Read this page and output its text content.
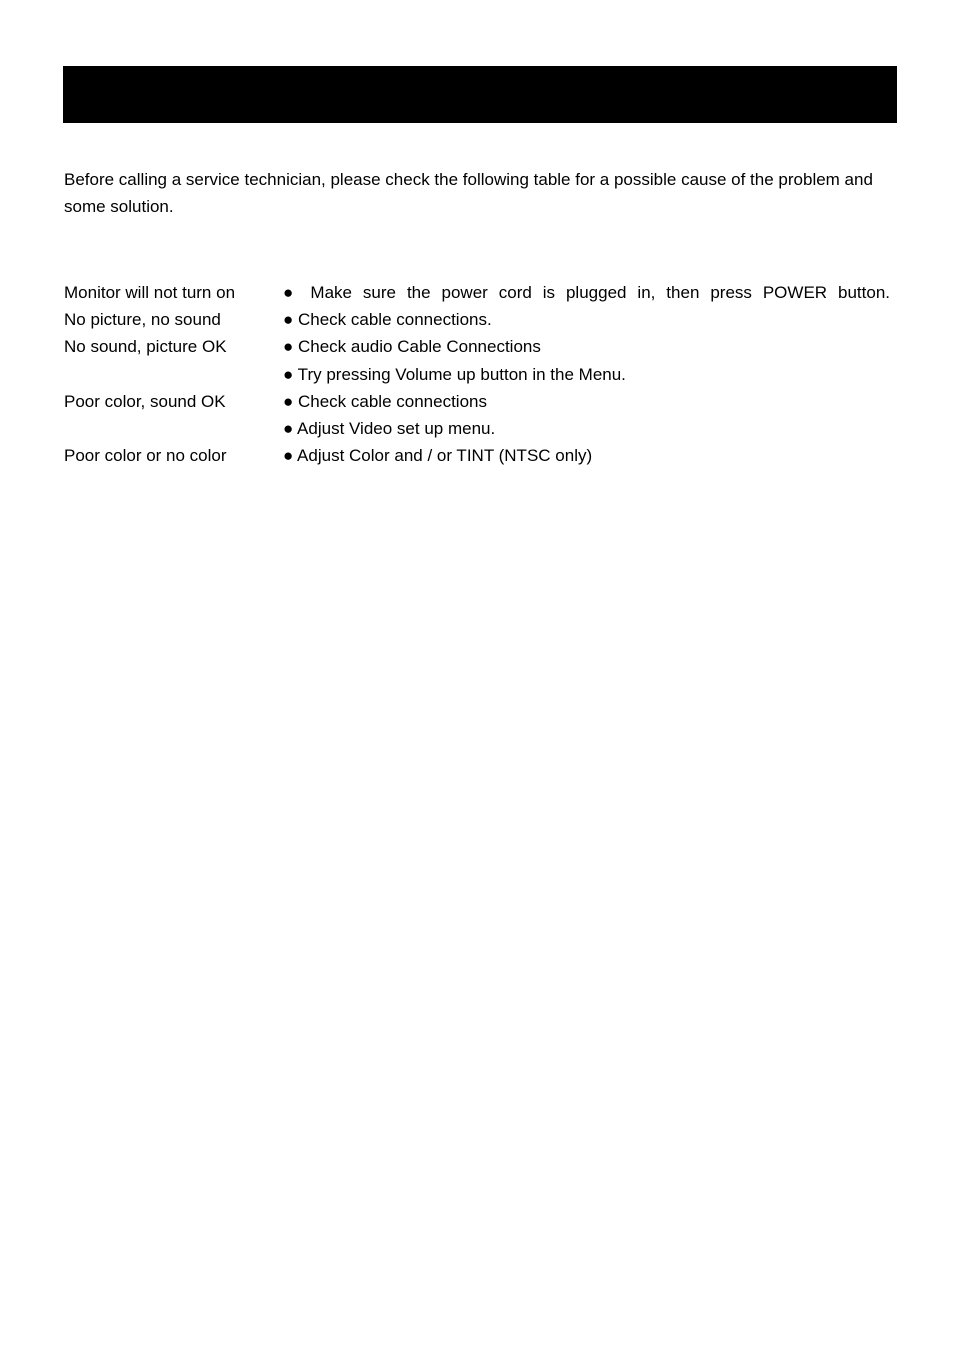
Before calling a service technician, please check the following table for a possible cause of the problem and some solution.

Monitor will not turn on	● Make sure the power cord is plugged in, then press POWER button.
No picture, no sound	● Check cable connections.
No sound, picture OK	● Check audio Cable Connections
● Try pressing Volume up button in the Menu.
Poor color, sound OK	● Check cable connections
● Adjust Video set up menu.
Poor color or no color	● Adjust Color and / or TINT (NTSC only)
